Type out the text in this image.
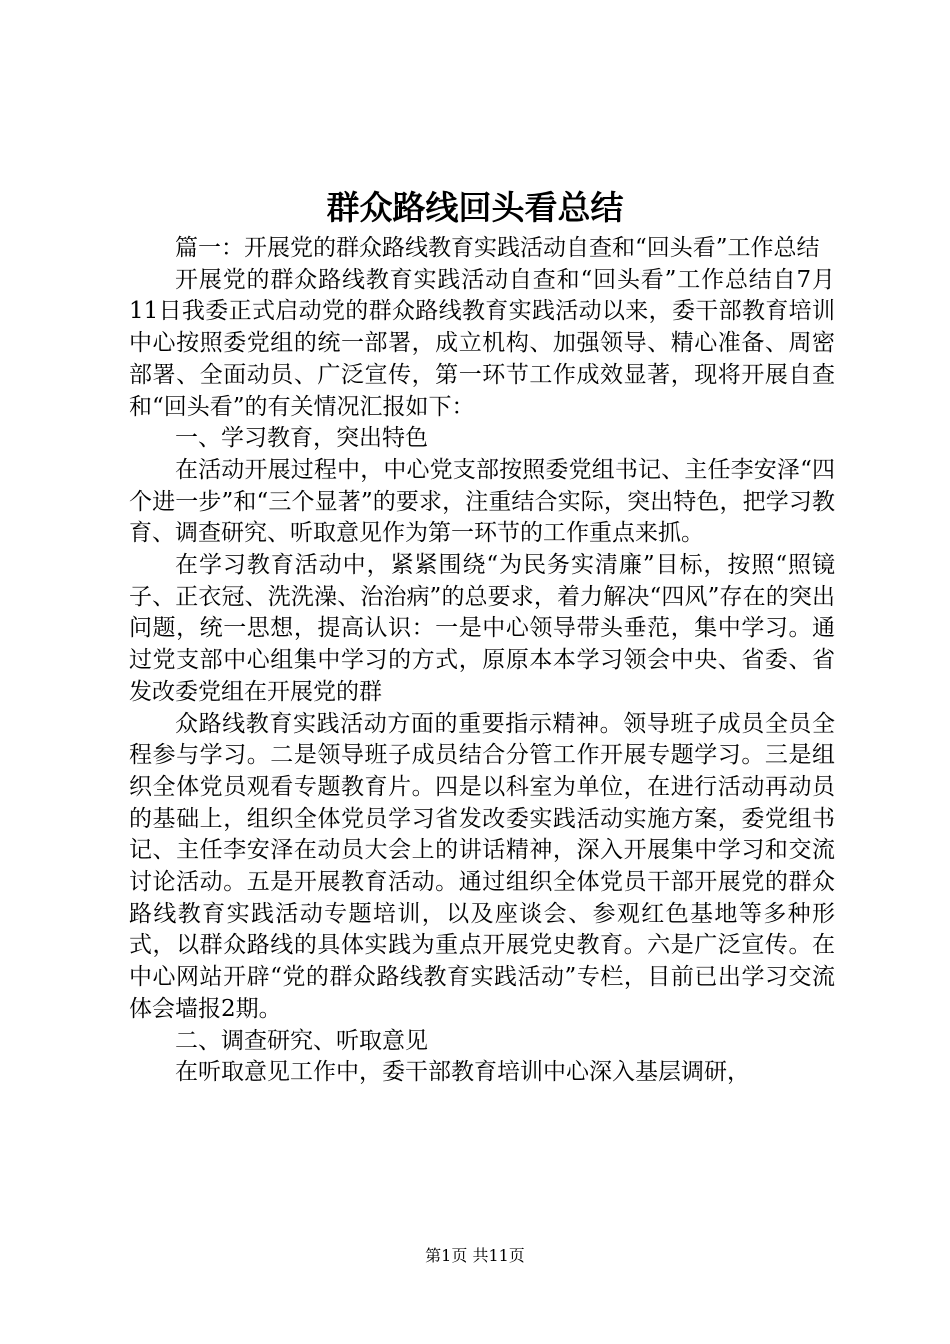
群众路线回头看总结

篇一：开展党的群众路线教育实践活动自查和“回头看”工作总结

开展党的群众路线教育实践活动自查和“回头看”工作总结自7月11日我委正式启动党的群众路线教育实践活动以来，委干部教育培训中心按照委党组的统一部署，成立机构、加强领导、精心准备、周密部署、全面动员、广泛宣传，第一环节工作成效显著，现将开展自查和“回头看”的有关情况汇报如下：

一、学习教育，突出特色

在活动开展过程中，中心党支部按照委党组书记、主任李安泽“四个进一步”和“三个显著”的要求，注重结合实际，突出特色，把学习教育、调查研究、听取意见作为第一环节的工作重点来抓。

在学习教育活动中，紧紧围绕“为民务实清廉”目标，按照“照镜子、正衣冠、洗洗澡、治治病”的总要求，着力解决“四风”存在的突出问题，统一思想，提高认识：一是中心领导带头垂范，集中学习。通过党支部中心组集中学习的方式，原原本本学习领会中央、省委、省发改委党组在开展党的群

众路线教育实践活动方面的重要指示精神。领导班子成员全员全程参与学习。二是领导班子成员结合分管工作开展专题学习。三是组织全体党员观看专题教育片。四是以科室为单位，在进行活动再动员的基础上，组织全体党员学习省发改委实践活动实施方案，委党组书记、主任李安泽在动员大会上的讲话精神，深入开展集中学习和交流讨论活动。五是开展教育活动。通过组织全体党员干部开展党的群众路线教育实践活动专题培训，以及座谈会、参观红色基地等多种形式，以群众路线的具体实践为重点开展党史教育。六是广泛宣传。在中心网站开辟“党的群众路线教育实践活动”专栏，目前已出学习交流体会墙报2期。

二、调查研究、听取意见

在听取意见工作中，委干部教育培训中心深入基层调研，

第1页 共11页
